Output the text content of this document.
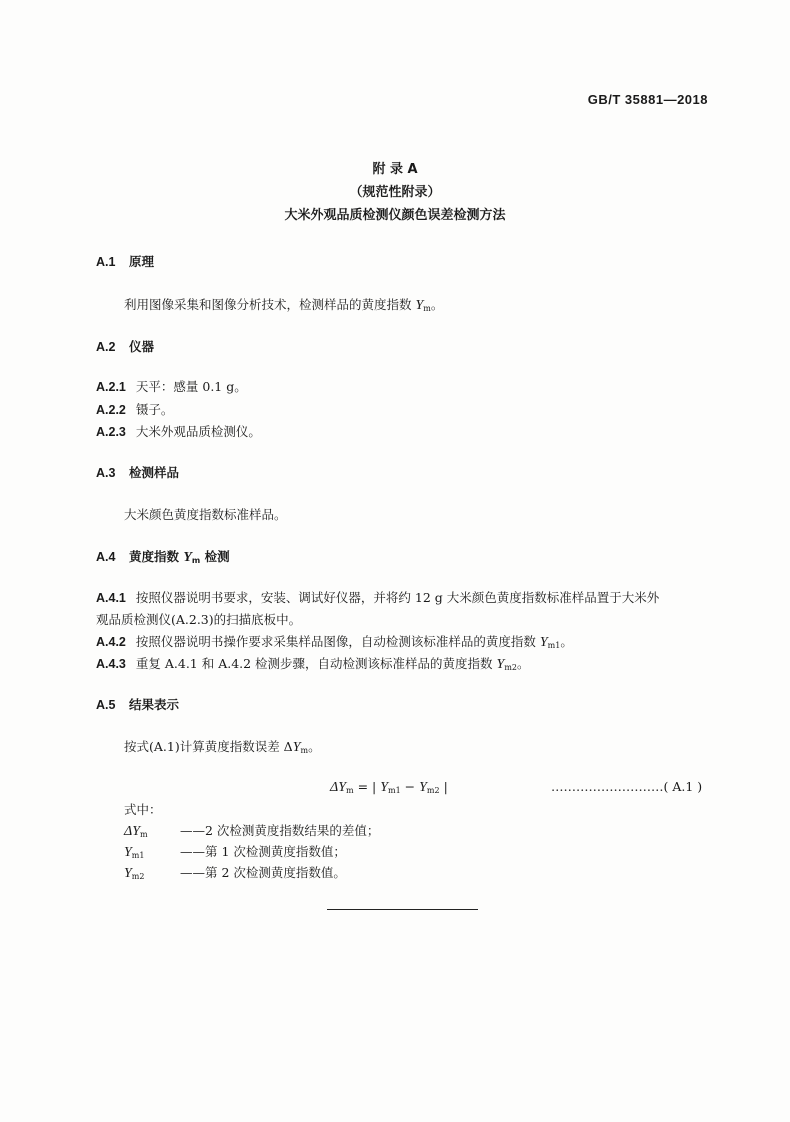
GB/T 35881—2018
附 录 A
（规范性附录）
大米外观品质检测仪颜色误差检测方法
A.1 原理
利用图像采集和图像分析技术，检测样品的黄度指数 $Y_m$。
A.2 仪器
A.2.1 天平：感量 0.1 g。
A.2.2 镊子。
A.2.3 大米外观品质检测仪。
A.3 检测样品
大米颜色黄度指数标准样品。
A.4 黄度指数 $Y_m$ 检测
A.4.1 按照仪器说明书要求，安装、调试好仪器，并将约 12 g 大米颜色黄度指数标准样品置于大米外
观品质检测仪(A.2.3)的扫描底板中。
A.4.2 按照仪器说明书操作要求采集样品图像，自动检测该标准样品的黄度指数 $Y_{m1}$。
A.4.3 重复 A.4.1 和 A.4.2 检测步骤，自动检测该标准样品的黄度指数 $Y_{m2}$。
A.5 结果表示
按式(A.1)计算黄度指数误差 $\Delta Y_m$。
$\Delta Y_m$ = | $Y_{m1} - Y_{m2}$ |	………………………( A.1 )
式中：
$\Delta Y_m$	——2 次检测黄度指数结果的差值；
$Y_{m1}$	——第 1 次检测黄度指数值；
$Y_{m2}$	——第 2 次检测黄度指数值。
